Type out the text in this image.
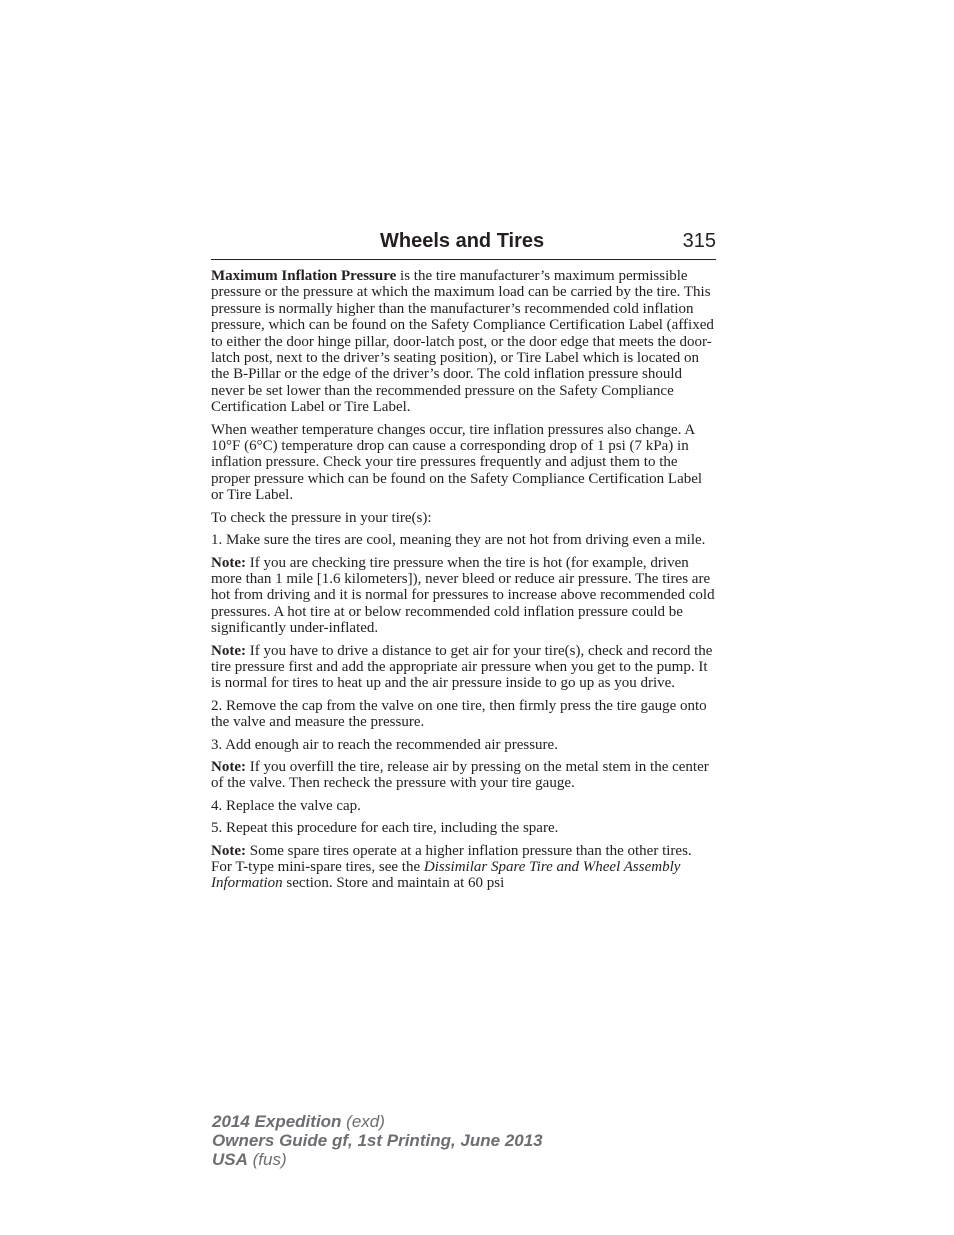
Wheels and Tires	315

Maximum Inflation Pressure is the tire manufacturer’s maximum permissible pressure or the pressure at which the maximum load can be carried by the tire. This pressure is normally higher than the manufacturer’s recommended cold inflation pressure, which can be found on the Safety Compliance Certification Label (affixed to either the door hinge pillar, door-latch post, or the door edge that meets the door-latch post, next to the driver’s seating position), or Tire Label which is located on the B-Pillar or the edge of the driver’s door. The cold inflation pressure should never be set lower than the recommended pressure on the Safety Compliance Certification Label or Tire Label.

When weather temperature changes occur, tire inflation pressures also change. A 10°F (6°C) temperature drop can cause a corresponding drop of 1 psi (7 kPa) in inflation pressure. Check your tire pressures frequently and adjust them to the proper pressure which can be found on the Safety Compliance Certification Label or Tire Label.

To check the pressure in your tire(s):

1. Make sure the tires are cool, meaning they are not hot from driving even a mile.

Note: If you are checking tire pressure when the tire is hot (for example, driven more than 1 mile [1.6 kilometers]), never bleed or reduce air pressure. The tires are hot from driving and it is normal for pressures to increase above recommended cold pressures. A hot tire at or below recommended cold inflation pressure could be significantly under-inflated.

Note: If you have to drive a distance to get air for your tire(s), check and record the tire pressure first and add the appropriate air pressure when you get to the pump. It is normal for tires to heat up and the air pressure inside to go up as you drive.

2. Remove the cap from the valve on one tire, then firmly press the tire gauge onto the valve and measure the pressure.

3. Add enough air to reach the recommended air pressure.

Note: If you overfill the tire, release air by pressing on the metal stem in the center of the valve. Then recheck the pressure with your tire gauge.

4. Replace the valve cap.

5. Repeat this procedure for each tire, including the spare.

Note: Some spare tires operate at a higher inflation pressure than the other tires. For T-type mini-spare tires, see the Dissimilar Spare Tire and Wheel Assembly Information section. Store and maintain at 60 psi

2014 Expedition (exd)
Owners Guide gf, 1st Printing, June 2013
USA (fus)
